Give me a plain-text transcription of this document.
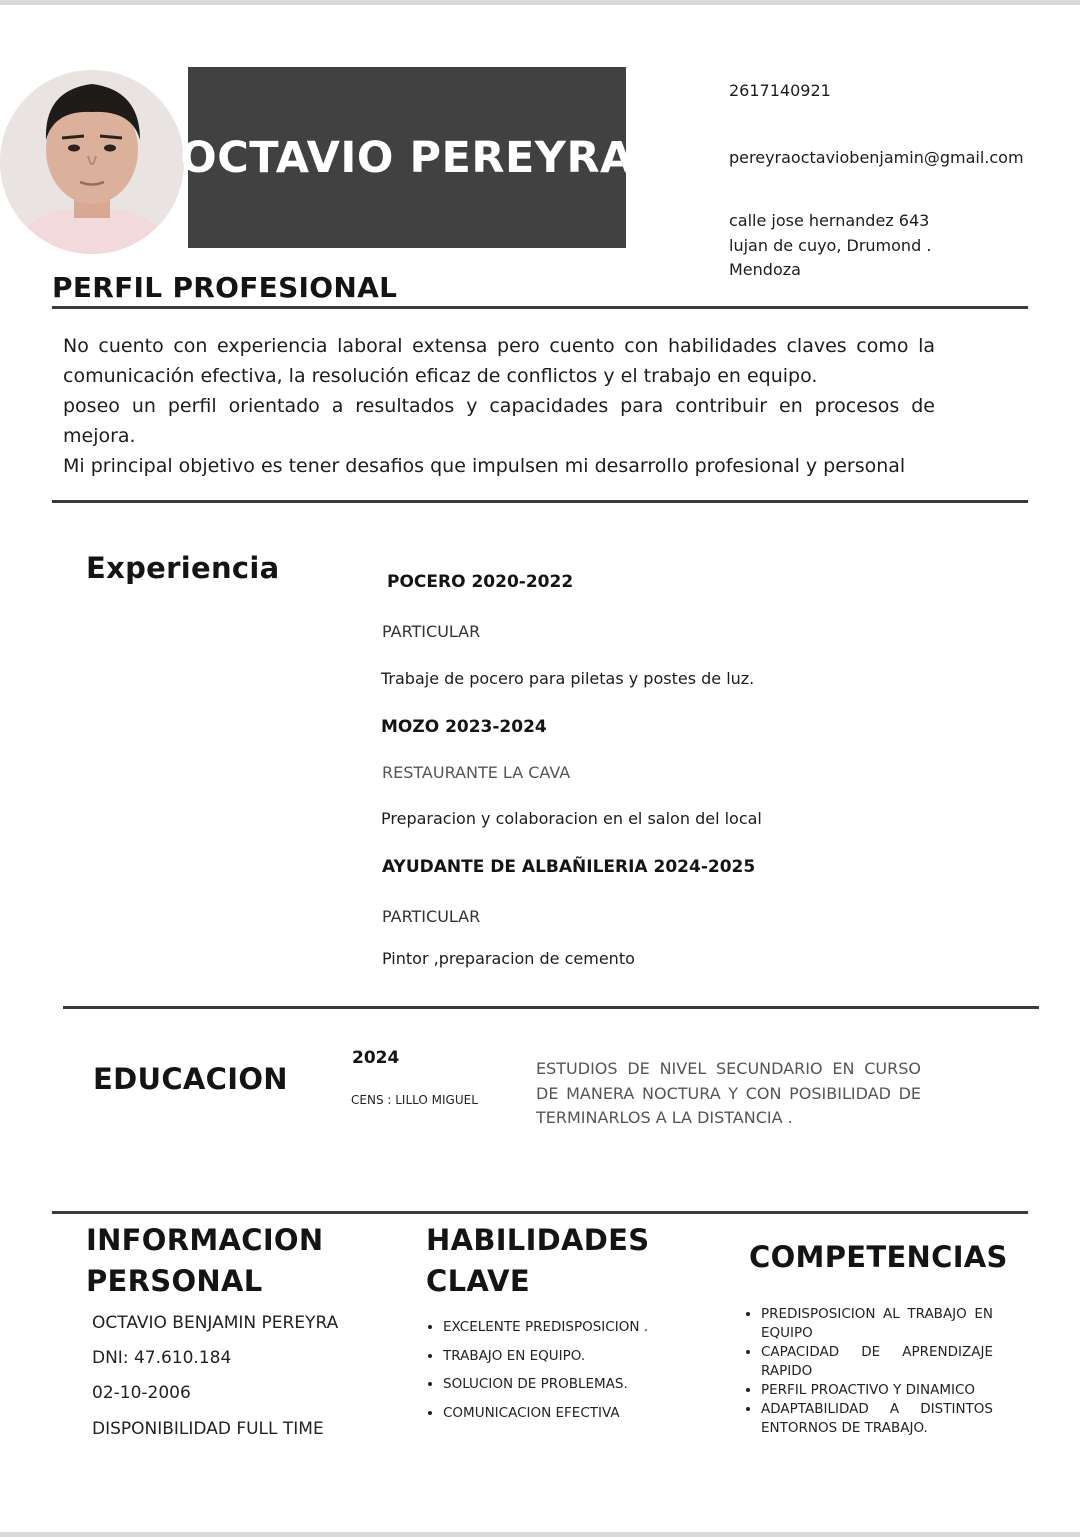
OCTAVIO PEREYRA
2617140921
pereyraoctaviobenjamin@gmail.com
calle jose hernandez 643
lujan de cuyo, Drumond .
Mendoza
PERFIL PROFESIONAL

No cuento con experiencia laboral extensa pero cuento con habilidades claves como la comunicación efectiva, la resolución eficaz de conflictos y el trabajo en equipo.

poseo un perfil orientado a resultados y capacidades para contribuir en procesos de mejora.

Mi principal objetivo es tener desafios que impulsen mi desarrollo profesional y personal

Experiencia	POCERO 2020-2022
PARTICULAR
Trabaje de pocero para piletas y postes de luz.
MOZO 2023-2024
RESTAURANTE LA CAVA
Preparacion y colaboracion en el salon del local
AYUDANTE DE ALBAÑILERIA 2024-2025
PARTICULAR
Pintor ,preparacion de cemento
EDUCACION
2024
CENS : LILLO MIGUEL
ESTUDIOS DE NIVEL SECUNDARIO EN CURSO DE MANERA NOCTURA Y CON POSIBILIDAD DE TERMINARLOS A LA DISTANCIA .
INFORMACION
PERSONAL
OCTAVIO BENJAMIN PEREYRA
DNI: 47.610.184
02-10-2006
DISPONIBILIDAD FULL TIME
HABILIDADES
CLAVE
• EXCELENTE PREDISPOSICION .
• TRABAJO EN EQUIPO.
• SOLUCION DE PROBLEMAS.
• COMUNICACION EFECTIVA
COMPETENCIAS
• PREDISPOSICION AL TRABAJO EN EQUIPO
• CAPACIDAD DE APRENDIZAJE RAPIDO
• PERFIL PROACTIVO Y DINAMICO
• ADAPTABILIDAD A DISTINTOS ENTORNOS DE TRABAJO.
